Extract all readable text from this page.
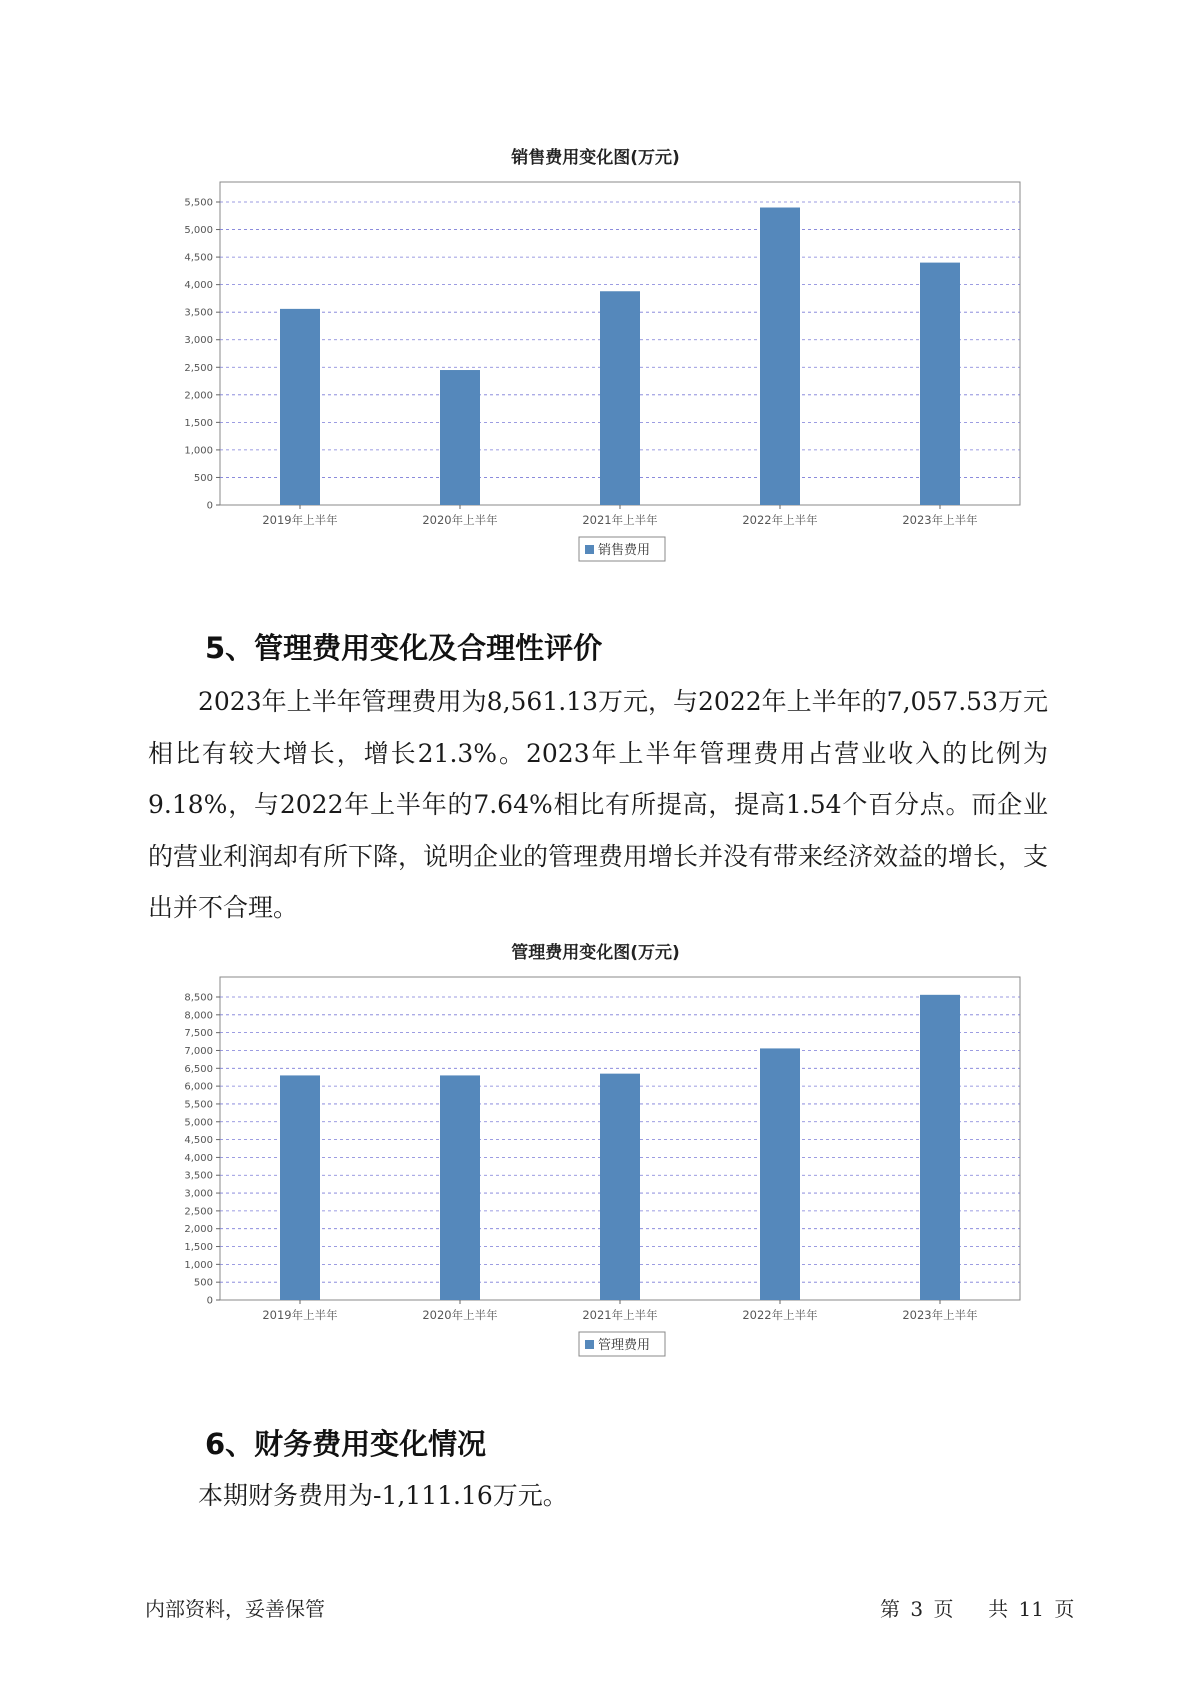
销售费用变化图(万元)
0
500
1,000
1,500
2,000
2,500
3,000
3,500
4,000
4,500
5,000
5,500
2019年上半年	2020年上半年	2021年上半年	2022年上半年	2023年上半年
销售费用
5、管理费用变化及合理性评价

2023年上半年管理费用为8,561.13万元，与2022年上半年的7,057.53万元相比有较大增长，增长21.3%。2023年上半年管理费用占营业收入的比例为9.18%，与2022年上半年的7.64%相比有所提高，提高1.54个百分点。而企业的营业利润却有所下降，说明企业的管理费用增长并没有带来经济效益的增长，支出并不合理。

管理费用变化图(万元)
0
500
1,000
1,500
2,000
2,500
3,000
3,500
4,000
4,500
5,000
5,500
6,000
6,500
7,000
7,500
8,000
8,500
2019年上半年	2020年上半年	2021年上半年	2022年上半年	2023年上半年
管理费用
6、财务费用变化情况

本期财务费用为-1,111.16万元。

内部资料，妥善保管	第 3 页 共 11 页
